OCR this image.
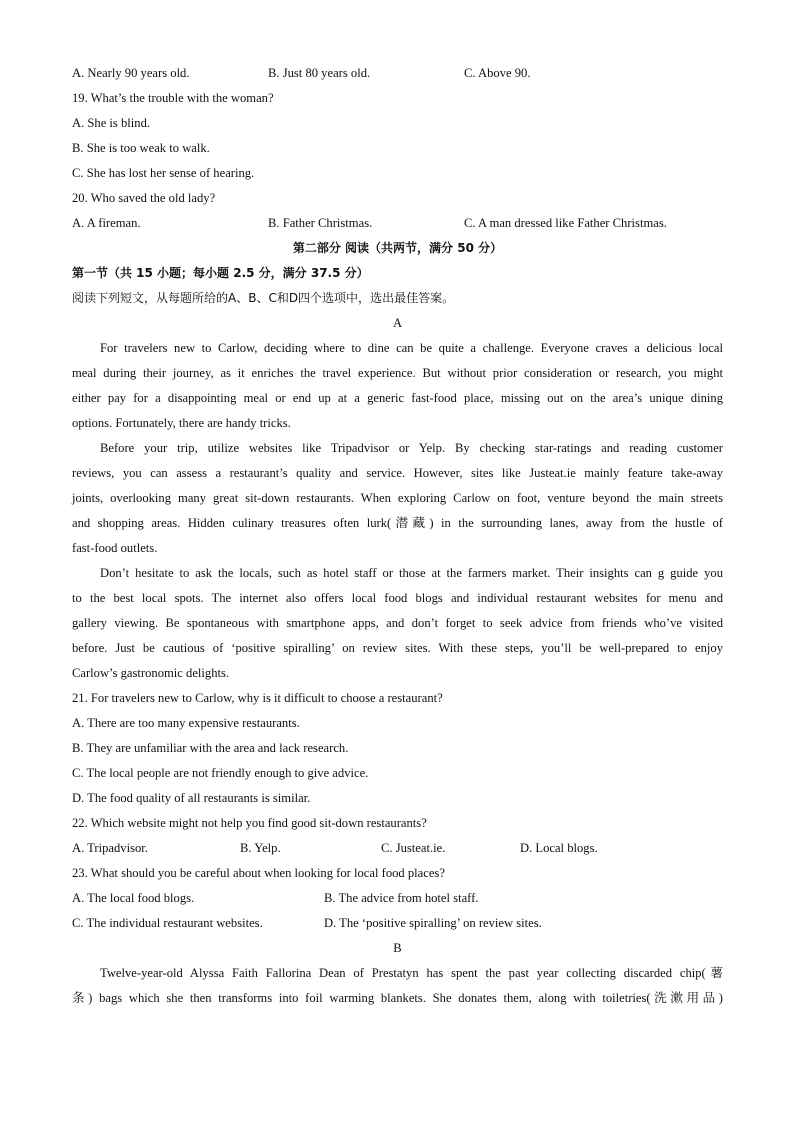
A. Nearly 90 years old.	B. Just 80 years old.	C. Above 90.
19. What’s the trouble with the woman?
A. She is blind.
B. She is too weak to walk.
C. She has lost her sense of hearing.
20. Who saved the old lady?
A. A fireman.	B. Father Christmas.	C. A man dressed like Father Christmas.
第二部分 阅读（共两节，满分 50 分）
第一节（共 15 小题；每小题 2.5 分，满分 37.5 分）
阅读下列短文，从每题所给的A、B、C和D四个选项中，选出最佳答案。
A
For travelers new to Carlow, deciding where to dine can be quite a challenge. Everyone craves a delicious local
meal during their journey, as it enriches the travel experience. But without prior consideration or research, you might
either pay for a disappointing meal or end up at a generic fast-food place, missing out on the area’s unique dining
options. Fortunately, there are handy tricks.
Before your trip, utilize websites like Tripadvisor or Yelp. By checking star-ratings and reading customer
reviews, you can assess a restaurant’s quality and service. However, sites like Justeat.ie mainly feature take-away
joints, overlooking many great sit-down restaurants. When exploring Carlow on foot, venture beyond the main streets
and shopping areas. Hidden culinary treasures often lurk(潜藏) in the surrounding lanes, away from the hustle of
fast-food outlets.
Don’t hesitate to ask the locals, such as hotel staff or those at the farmers market. Their insights can g guide you
to the best local spots. The internet also offers local food blogs and individual restaurant websites for menu and
gallery viewing. Be spontaneous with smartphone apps, and don’t forget to seek advice from friends who’ve visited
before. Just be cautious of ‘positive spiralling’ on review sites. With these steps, you’ll be well-prepared to enjoy
Carlow’s gastronomic delights.
21. For travelers new to Carlow, why is it difficult to choose a restaurant?
A. There are too many expensive restaurants.
B. They are unfamiliar with the area and lack research.
C. The local people are not friendly enough to give advice.
D. The food quality of all restaurants is similar.
22. Which website might not help you find good sit-down restaurants?
A. Tripadvisor.	B. Yelp.	C. Justeat.ie.	D. Local blogs.
23. What should you be careful about when looking for local food places?
A. The local food blogs.	B. The advice from hotel staff.
C. The individual restaurant websites.	D. The ‘positive spiralling’ on review sites.
B
Twelve-year-old Alyssa Faith Fallorina Dean of Prestatyn has spent the past year collecting discarded chip(薯
条) bags which she then transforms into foil warming blankets. She donates them, along with toiletries(洗漱用品)
